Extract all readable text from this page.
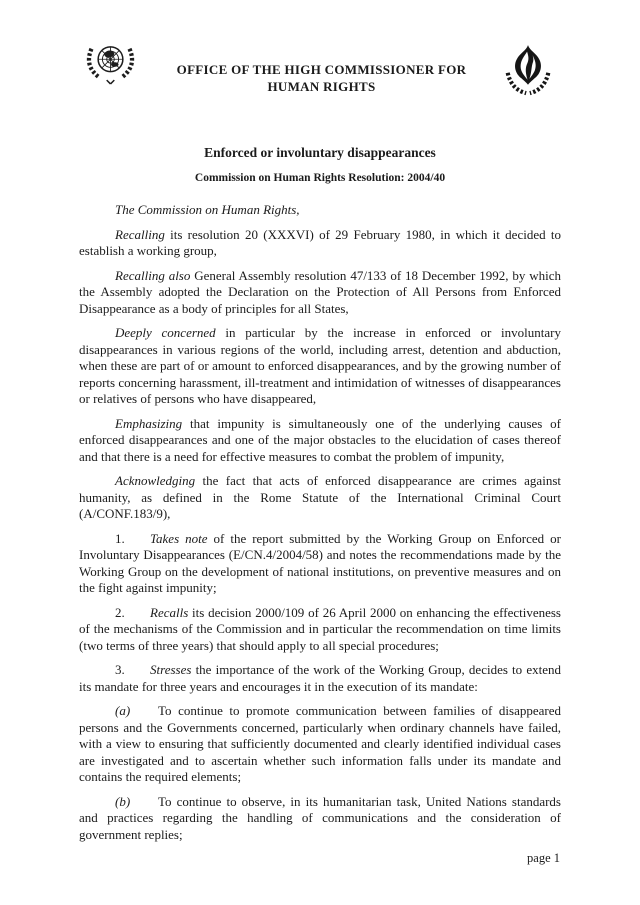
OFFICE OF THE HIGH COMMISSIONER FOR
HUMAN RIGHTS
Enforced or involuntary disappearances
Commission on Human Rights Resolution: 2004/40

The Commission on Human Rights,

Recalling its resolution 20 (XXXVI) of 29 February 1980, in which it decided to establish a working group,

Recalling also General Assembly resolution 47/133 of 18 December 1992, by which the Assembly adopted the Declaration on the Protection of All Persons from Enforced Disappearance as a body of principles for all States,

Deeply concerned in particular by the increase in enforced or involuntary disappearances in various regions of the world, including arrest, detention and abduction, when these are part of or amount to enforced disappearances, and by the growing number of reports concerning harassment, ill-treatment and intimidation of witnesses of disappearances or relatives of persons who have disappeared,

Emphasizing that impunity is simultaneously one of the underlying causes of enforced disappearances and one of the major obstacles to the elucidation of cases thereof and that there is a need for effective measures to combat the problem of impunity,

Acknowledging the fact that acts of enforced disappearance are crimes against humanity, as defined in the Rome Statute of the International Criminal Court (A/CONF.183/9),

1. Takes note of the report submitted by the Working Group on Enforced or Involuntary Disappearances (E/CN.4/2004/58) and notes the recommendations made by the Working Group on the development of national institutions, on preventive measures and on the fight against impunity;

2. Recalls its decision 2000/109 of 26 April 2000 on enhancing the effectiveness of the mechanisms of the Commission and in particular the recommendation on time limits (two terms of three years) that should apply to all special procedures;

3. Stresses the importance of the work of the Working Group, decides to extend its mandate for three years and encourages it in the execution of its mandate:

(a) To continue to promote communication between families of disappeared persons and the Governments concerned, particularly when ordinary channels have failed, with a view to ensuring that sufficiently documented and clearly identified individual cases are investigated and to ascertain whether such information falls under its mandate and contains the required elements;

(b) To continue to observe, in its humanitarian task, United Nations standards and practices regarding the handling of communications and the consideration of government replies;

page 1
